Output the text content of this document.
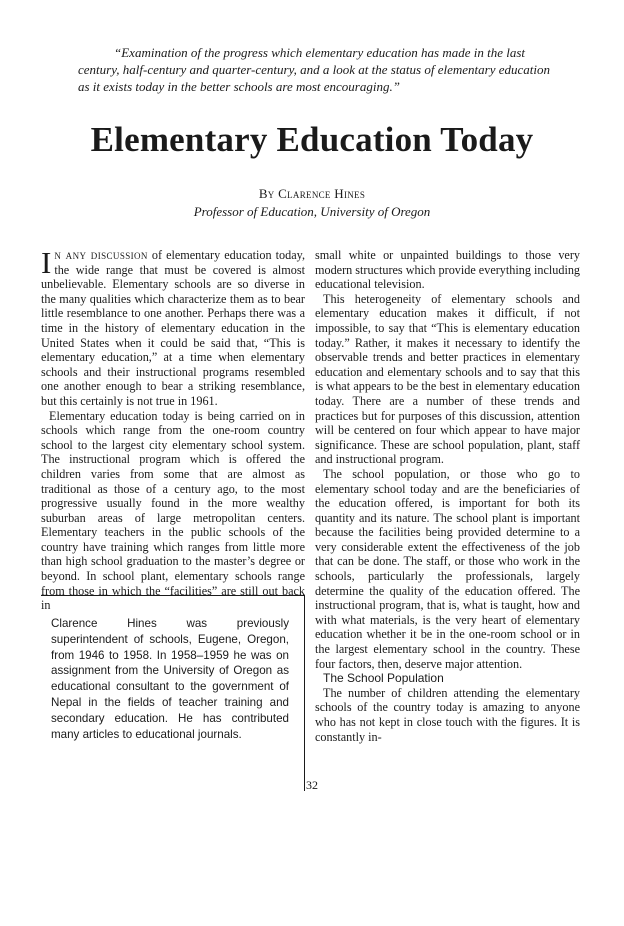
“Examination of the progress which elementary education has made in the last century, half-century and quarter-century, and a look at the status of elementary education as it exists today in the better schools are most encouraging.”
Elementary Education Today
By Clarence Hines
Professor of Education, University of Oregon

In any discussion of elementary education today, the wide range that must be covered is almost unbelievable. Elementary schools are so diverse in the many qualities which characterize them as to bear little resemblance to one another. Perhaps there was a time in the history of elementary education in the United States when it could be said that, “This is elementary education,” at a time when elementary schools and their instructional programs resembled one another enough to bear a striking resemblance, but this certainly is not true in 1961.

Elementary education today is being carried on in schools which range from the one-room country school to the largest city elementary school system. The instructional program which is offered the children varies from some that are almost as traditional as those of a century ago, to the most progressive usually found in the more wealthy suburban areas of large metropolitan centers. Elementary teachers in the public schools of the country have training which ranges from little more than high school graduation to the master’s degree or beyond. In school plant, elementary schools range from those in which the “facilities” are still out back in

Clarence Hines was previously superintendent of schools, Eugene, Oregon, from 1946 to 1958. In 1958–1959 he was on assignment from the University of Oregon as educational consultant to the government of Nepal in the fields of teacher training and secondary education. He has contributed many articles to educational journals.

small white or unpainted buildings to those very modern structures which provide everything including educational television.

This heterogeneity of elementary schools and elementary education makes it difficult, if not impossible, to say that “This is elementary education today.” Rather, it makes it necessary to identify the observable trends and better practices in elementary education and elementary schools and to say that this is what appears to be the best in elementary education today. There are a number of these trends and practices but for purposes of this discussion, attention will be centered on four which appear to have major significance. These are school population, plant, staff and instructional program.

The school population, or those who go to elementary school today and are the beneficiaries of the education offered, is important for both its quantity and its nature. The school plant is important because the facilities being provided determine to a very considerable extent the effectiveness of the job that can be done. The staff, or those who work in the schools, particularly the professionals, largely determine the quality of the education offered. The instructional program, that is, what is taught, how and with what materials, is the very heart of elementary education whether it be in the one-room school or in the largest elementary school in the country. These four factors, then, deserve major attention.

The School Population

The number of children attending the elementary schools of the country today is amazing to anyone who has not kept in close touch with the figures. It is constantly in-

32
